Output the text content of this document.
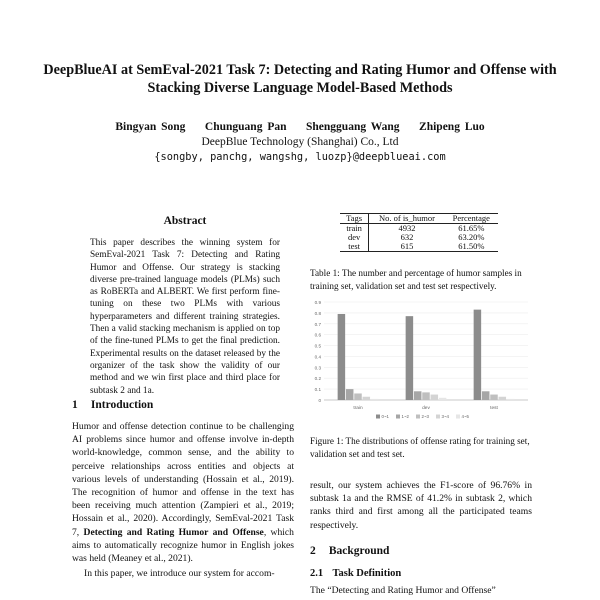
DeepBlueAI at SemEval-2021 Task 7: Detecting and Rating Humor and Offense with Stacking Diverse Language Model-Based Methods
Bingyan Song Chunguang Pan Shengguang Wang Zhipeng Luo
DeepBlue Technology (Shanghai) Co., Ltd
{songby, panchg, wangshg, luozp}@deepblueai.com
Abstract
This paper describes the winning system for SemEval-2021 Task 7: Detecting and Rating Humor and Offense. Our strategy is stacking diverse pre-trained language models (PLMs) such as RoBERTa and ALBERT. We first perform fine-tuning on these two PLMs with various hyperparameters and different training strategies. Then a valid stacking mechanism is applied on top of the fine-tuned PLMs to get the final prediction. Experimental results on the dataset released by the organizer of the task show the validity of our method and we win first place and third place for subtask 2 and 1a.
1 Introduction

Humor and offense detection continue to be challenging AI problems since humor and offense involve in-depth world-knowledge, common sense, and the ability to perceive relationships across entities and objects at various levels of understanding (Hossain et al., 2019). The recognition of humor and offense in the text has been receiving much attention (Zampieri et al., 2019; Hossain et al., 2020). Accordingly, SemEval-2021 Task 7, Detecting and Rating Humor and Offense, which aims to automatically recognize humor in English jokes was held (Meaney et al., 2021).

In this paper, we introduce our system for accom-

Tags	No. of is_humor	Percentage
train	4932	61.65%
dev	632	63.20%
test	615	61.50%
Table 1: The number and percentage of humor samples in training set, validation set and test set respectively.
0
0.1
0.2
0.3
0.4
0.5
0.6
0.7
0.8
0.9
train	dev	test
0~1	1~2	2~3	3~4	4~5
Figure 1: The distributions of offense rating for training set, validation set and test set.

result, our system achieves the F1-score of 96.76% in subtask 1a and the RMSE of 41.2% in subtask 2, which ranks third and first among all the participated teams respectively.

2 Background
2.1 Task Definition

The “Detecting and Rating Humor and Offense”
